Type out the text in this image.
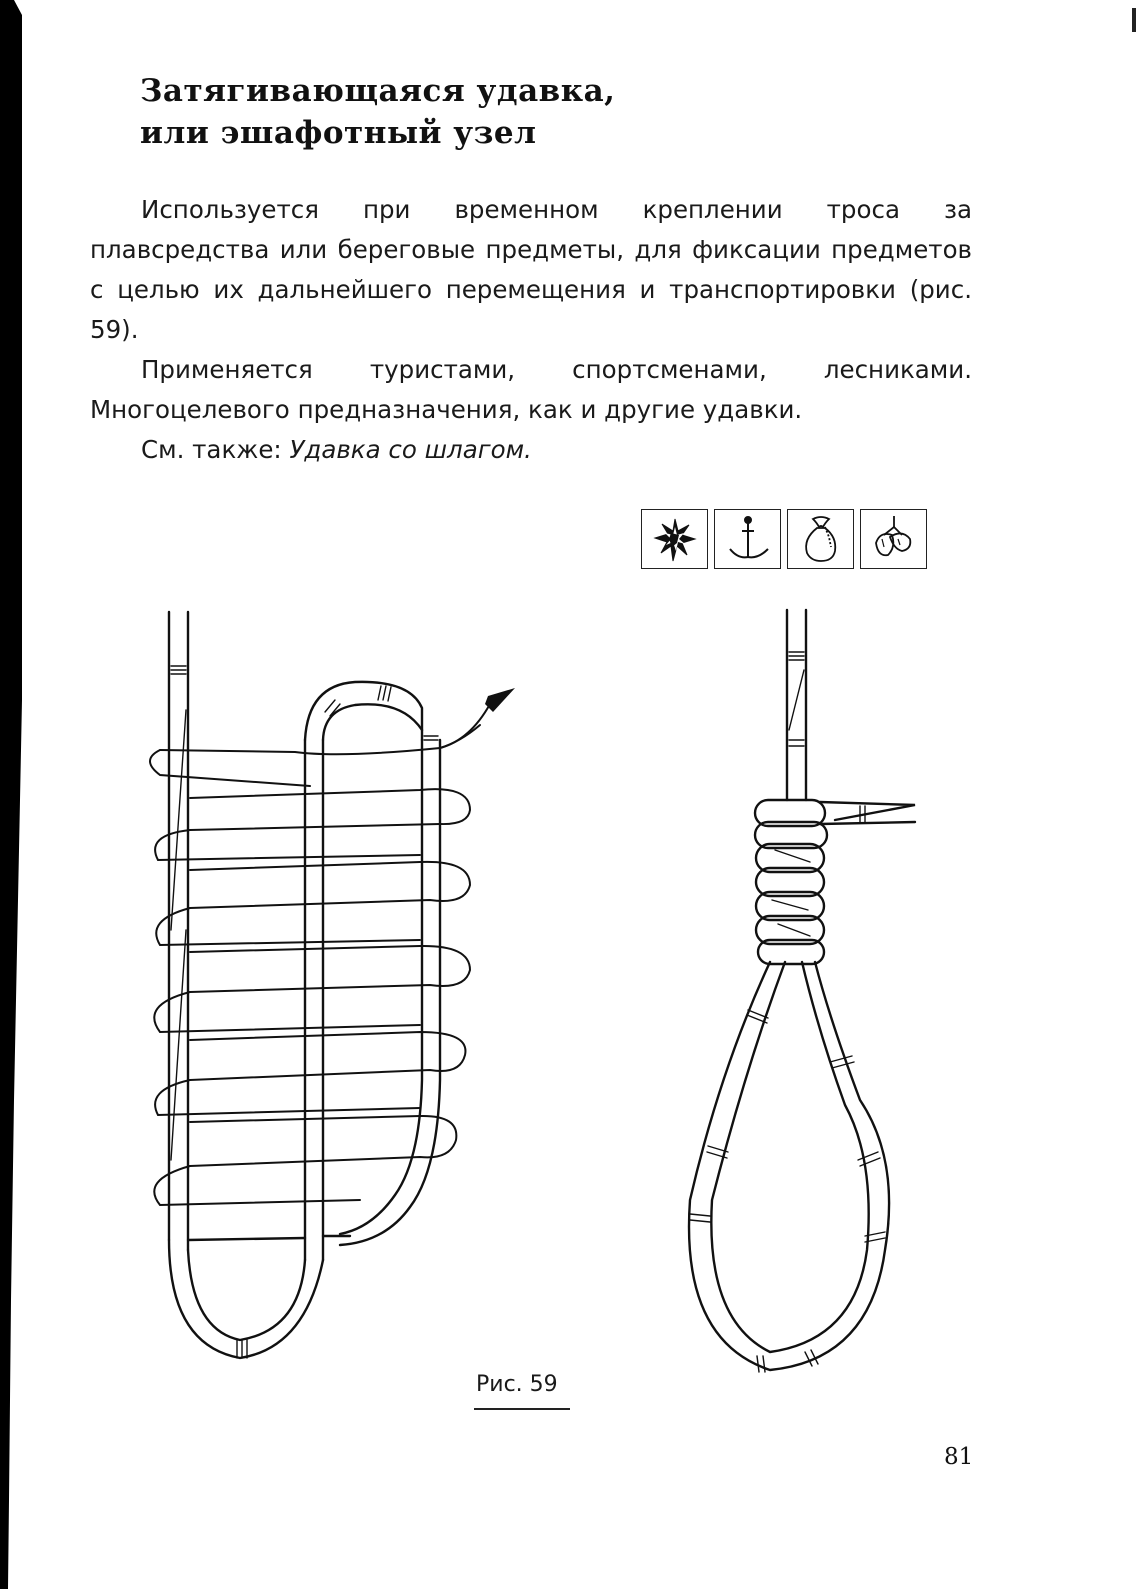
Затягивающаяся удавка,
или эшафотный узел

Используется при временном креплении троса за плавсредства или береговые предметы, для фиксации предметов с целью их дальнейшего перемещения и транспортировки (рис. 59).

Применяется туристами, спортсменами, лесниками. Многоцелевого предназначения, как и другие удавки.

См. также: Удавка со шлагом.

Рис. 59
81
